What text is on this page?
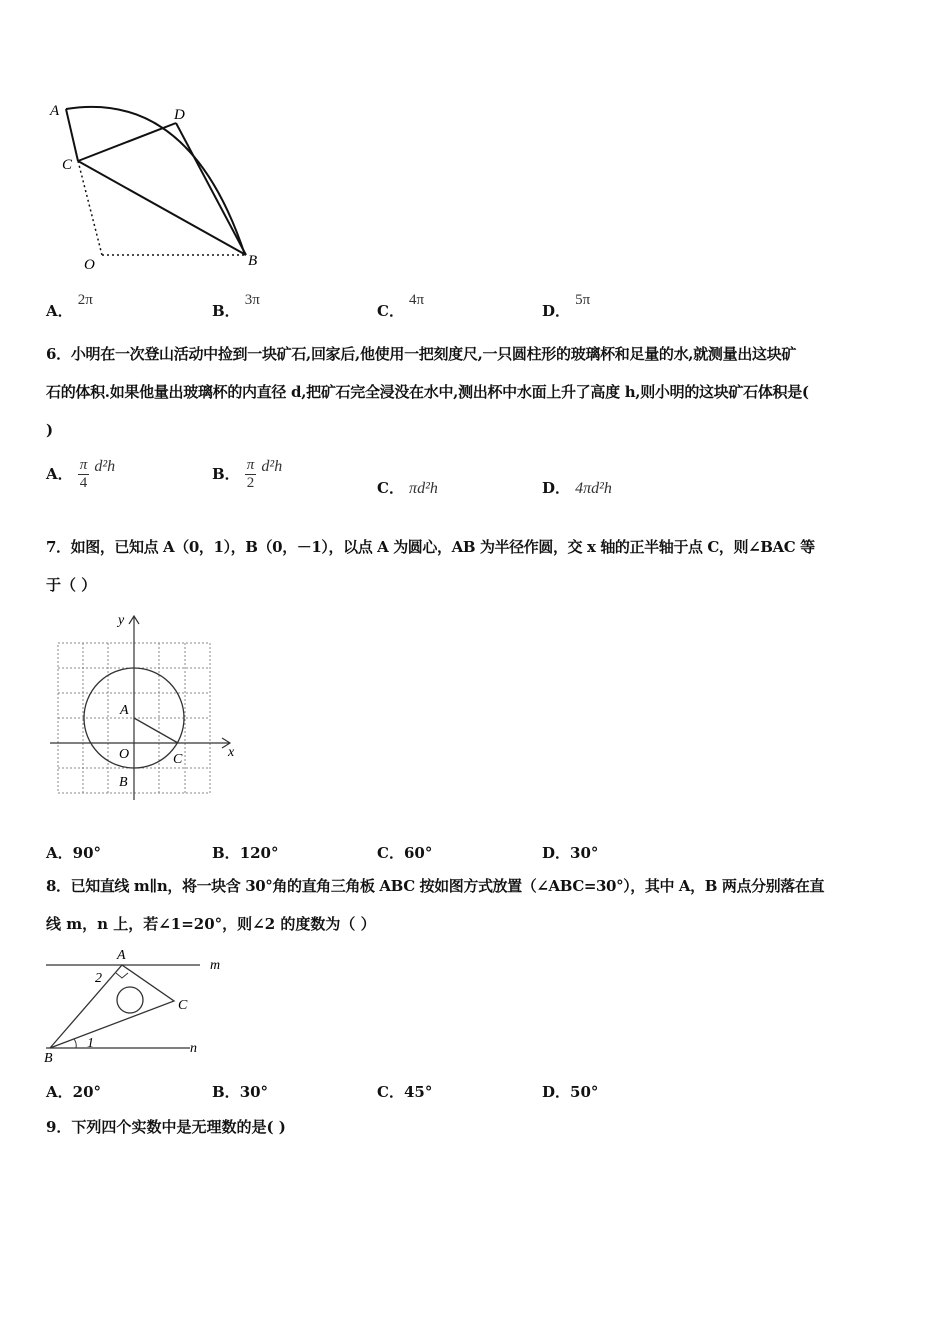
A	D
C
O	B
A． 2π
B． 3π
C． 4π
D． 5π
6．小明在一次登山活动中捡到一块矿石,回家后,他使用一把刻度尺,一只圆柱形的玻璃杯和足量的水,就测量出这块矿
石的体积.如果他量出玻璃杯的内直径 d,把矿石完全浸没在水中,测出杯中水面上升了高度 h,则小明的这块矿石体积是(
)
A． $\frac{\pi}{4} d^2h$	B． $\frac{\pi}{2} d^2h$
C． πd²h	D． 4πd²h
7．如图，已知点 A（0，1），B（0，－1），以点 A 为圆心，AB 为半径作圆，交 x 轴的正半轴于点 C，则∠BAC 等
于（ ）
y
x
A
O	C
B
A．90°	B．120°	C．60°	D．30°
8．已知直线 m∥n，将一块含 30°角的直角三角板 ABC 按如图方式放置（∠ABC=30°），其中 A，B 两点分别落在直
线 m，n 上，若∠1=20°，则∠2 的度数为（ ）
A
m
2
C
B
1	n
A．20°	B．30°	C．45°	D．50°
9．下列四个实数中是无理数的是( )
